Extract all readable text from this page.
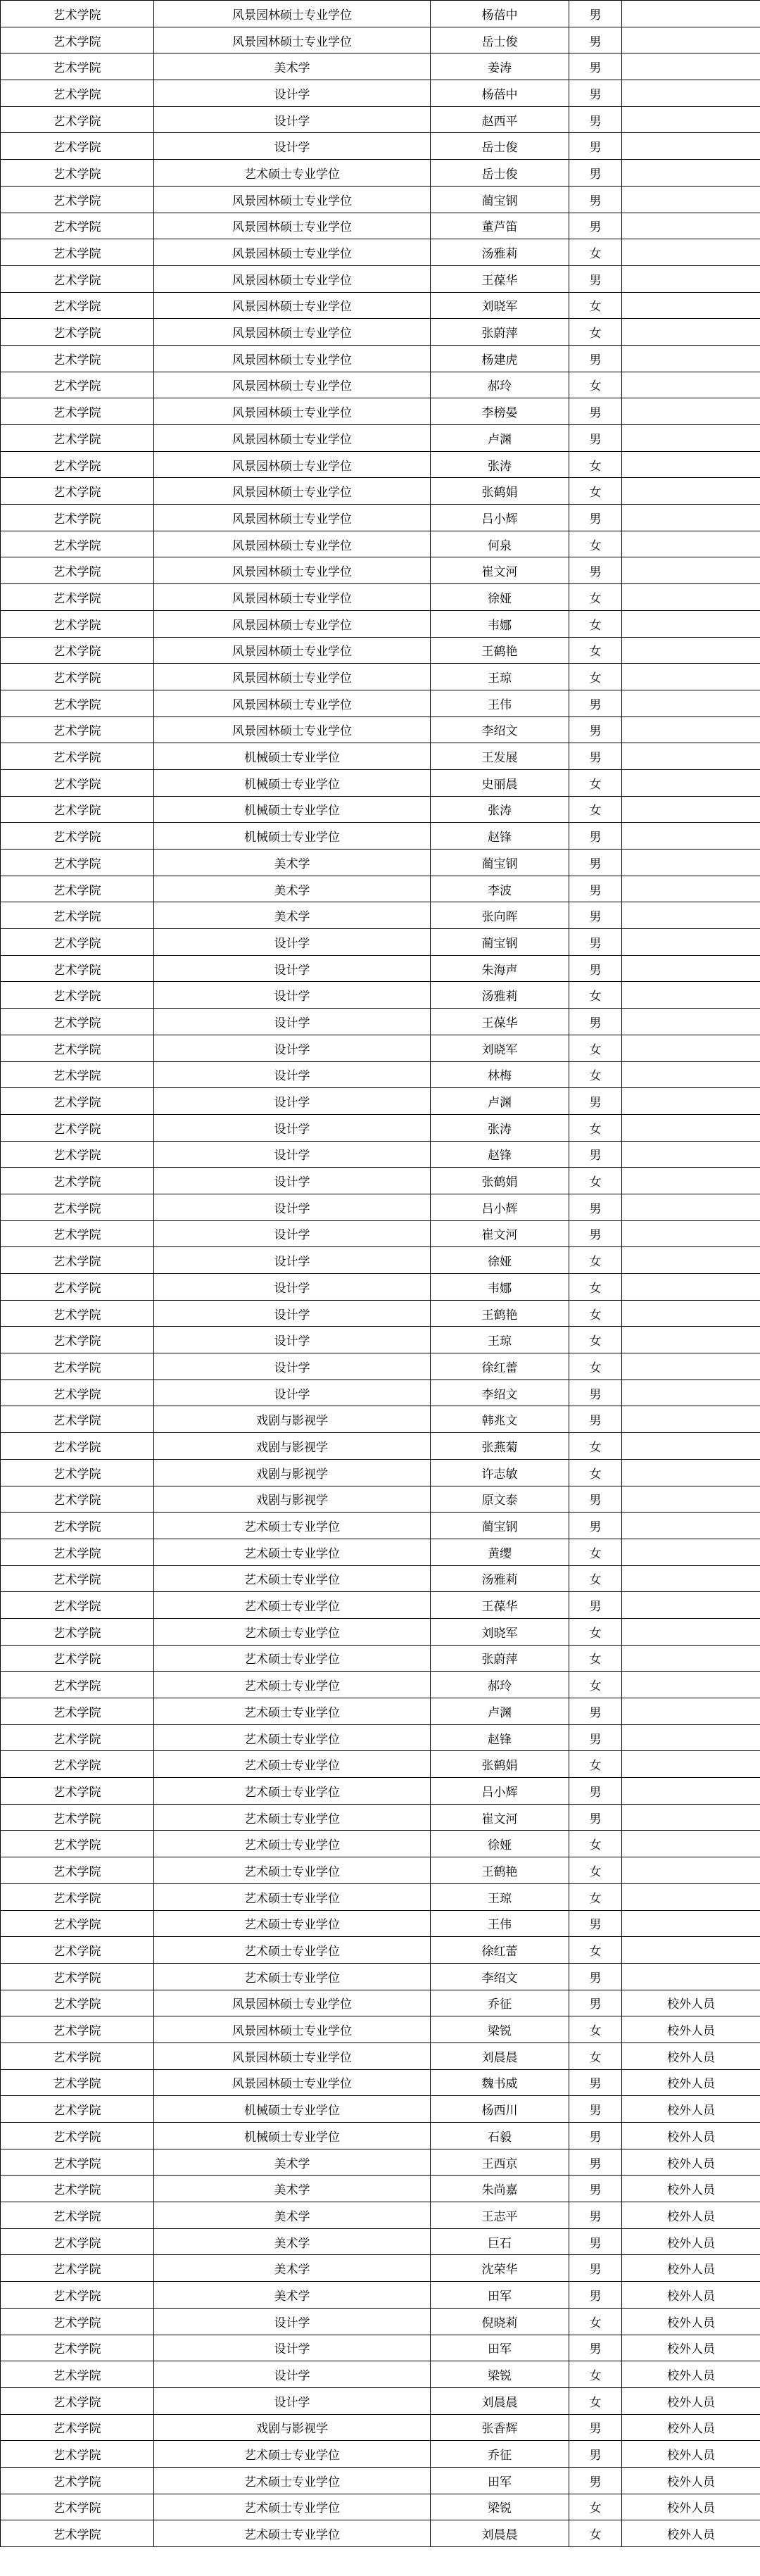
艺术学院	风景园林硕士专业学位	杨蓓中	男	
艺术学院	风景园林硕士专业学位	岳士俊	男	
艺术学院	美术学	姜涛	男	
艺术学院	设计学	杨蓓中	男	
艺术学院	设计学	赵西平	男	
艺术学院	设计学	岳士俊	男	
艺术学院	艺术硕士专业学位	岳士俊	男	
艺术学院	风景园林硕士专业学位	蔺宝钢	男	
艺术学院	风景园林硕士专业学位	董芦笛	男	
艺术学院	风景园林硕士专业学位	汤雅莉	女	
艺术学院	风景园林硕士专业学位	王葆华	男	
艺术学院	风景园林硕士专业学位	刘晓军	女	
艺术学院	风景园林硕士专业学位	张蔚萍	女	
艺术学院	风景园林硕士专业学位	杨建虎	男	
艺术学院	风景园林硕士专业学位	郝玲	女	
艺术学院	风景园林硕士专业学位	李榜晏	男	
艺术学院	风景园林硕士专业学位	卢渊	男	
艺术学院	风景园林硕士专业学位	张涛	女	
艺术学院	风景园林硕士专业学位	张鹤娟	女	
艺术学院	风景园林硕士专业学位	吕小辉	男	
艺术学院	风景园林硕士专业学位	何泉	女	
艺术学院	风景园林硕士专业学位	崔文河	男	
艺术学院	风景园林硕士专业学位	徐娅	女	
艺术学院	风景园林硕士专业学位	韦娜	女	
艺术学院	风景园林硕士专业学位	王鹤艳	女	
艺术学院	风景园林硕士专业学位	王琼	女	
艺术学院	风景园林硕士专业学位	王伟	男	
艺术学院	风景园林硕士专业学位	李绍文	男	
艺术学院	机械硕士专业学位	王发展	男	
艺术学院	机械硕士专业学位	史丽晨	女	
艺术学院	机械硕士专业学位	张涛	女	
艺术学院	机械硕士专业学位	赵锋	男	
艺术学院	美术学	蔺宝钢	男	
艺术学院	美术学	李波	男	
艺术学院	美术学	张向晖	男	
艺术学院	设计学	蔺宝钢	男	
艺术学院	设计学	朱海声	男	
艺术学院	设计学	汤雅莉	女	
艺术学院	设计学	王葆华	男	
艺术学院	设计学	刘晓军	女	
艺术学院	设计学	林梅	女	
艺术学院	设计学	卢渊	男	
艺术学院	设计学	张涛	女	
艺术学院	设计学	赵锋	男	
艺术学院	设计学	张鹤娟	女	
艺术学院	设计学	吕小辉	男	
艺术学院	设计学	崔文河	男	
艺术学院	设计学	徐娅	女	
艺术学院	设计学	韦娜	女	
艺术学院	设计学	王鹤艳	女	
艺术学院	设计学	王琼	女	
艺术学院	设计学	徐红蕾	女	
艺术学院	设计学	李绍文	男	
艺术学院	戏剧与影视学	韩兆文	男	
艺术学院	戏剧与影视学	张燕菊	女	
艺术学院	戏剧与影视学	许志敏	女	
艺术学院	戏剧与影视学	原文泰	男	
艺术学院	艺术硕士专业学位	蔺宝钢	男	
艺术学院	艺术硕士专业学位	黄缨	女	
艺术学院	艺术硕士专业学位	汤雅莉	女	
艺术学院	艺术硕士专业学位	王葆华	男	
艺术学院	艺术硕士专业学位	刘晓军	女	
艺术学院	艺术硕士专业学位	张蔚萍	女	
艺术学院	艺术硕士专业学位	郝玲	女	
艺术学院	艺术硕士专业学位	卢渊	男	
艺术学院	艺术硕士专业学位	赵锋	男	
艺术学院	艺术硕士专业学位	张鹤娟	女	
艺术学院	艺术硕士专业学位	吕小辉	男	
艺术学院	艺术硕士专业学位	崔文河	男	
艺术学院	艺术硕士专业学位	徐娅	女	
艺术学院	艺术硕士专业学位	王鹤艳	女	
艺术学院	艺术硕士专业学位	王琼	女	
艺术学院	艺术硕士专业学位	王伟	男	
艺术学院	艺术硕士专业学位	徐红蕾	女	
艺术学院	艺术硕士专业学位	李绍文	男	
艺术学院	风景园林硕士专业学位	乔征	男	校外人员
艺术学院	风景园林硕士专业学位	梁锐	女	校外人员
艺术学院	风景园林硕士专业学位	刘晨晨	女	校外人员
艺术学院	风景园林硕士专业学位	魏书威	男	校外人员
艺术学院	机械硕士专业学位	杨西川	男	校外人员
艺术学院	机械硕士专业学位	石毅	男	校外人员
艺术学院	美术学	王西京	男	校外人员
艺术学院	美术学	朱尚嘉	男	校外人员
艺术学院	美术学	王志平	男	校外人员
艺术学院	美术学	巨石	男	校外人员
艺术学院	美术学	沈荣华	男	校外人员
艺术学院	美术学	田军	男	校外人员
艺术学院	设计学	倪晓莉	女	校外人员
艺术学院	设计学	田军	男	校外人员
艺术学院	设计学	梁锐	女	校外人员
艺术学院	设计学	刘晨晨	女	校外人员
艺术学院	戏剧与影视学	张香辉	男	校外人员
艺术学院	艺术硕士专业学位	乔征	男	校外人员
艺术学院	艺术硕士专业学位	田军	男	校外人员
艺术学院	艺术硕士专业学位	梁锐	女	校外人员
艺术学院	艺术硕士专业学位	刘晨晨	女	校外人员
